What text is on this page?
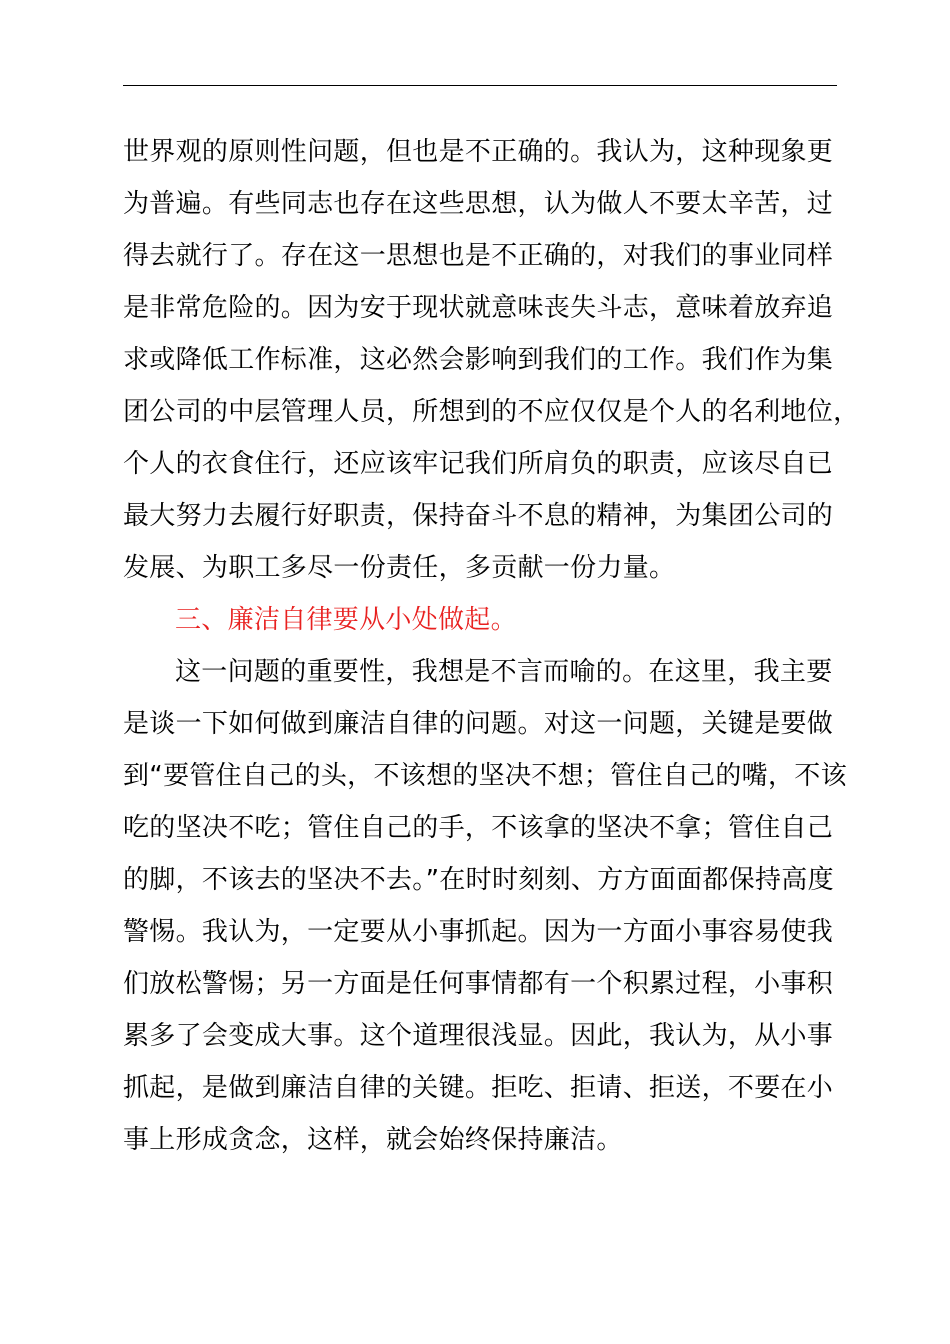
世界观的原则性问题，但也是不正确的。我认为，这种现象更
为普遍。有些同志也存在这些思想，认为做人不要太辛苦，过
得去就行了。存在这一思想也是不正确的，对我们的事业同样
是非常危险的。因为安于现状就意味丧失斗志，意味着放弃追
求或降低工作标准，这必然会影响到我们的工作。我们作为集
团公司的中层管理人员，所想到的不应仅仅是个人的名利地位，
个人的衣食住行，还应该牢记我们所肩负的职责，应该尽自已
最大努力去履行好职责，保持奋斗不息的精神，为集团公司的
发展、为职工多尽一份责任，多贡献一份力量。
三、廉洁自律要从小处做起。
这一问题的重要性，我想是不言而喻的。在这里，我主要
是谈一下如何做到廉洁自律的问题。对这一问题，关键是要做
到“要管住自己的头，不该想的坚决不想；管住自己的嘴，不该
吃的坚决不吃；管住自己的手，不该拿的坚决不拿；管住自己
的脚，不该去的坚决不去。”在时时刻刻、方方面面都保持高度
警惕。我认为，一定要从小事抓起。因为一方面小事容易使我
们放松警惕；另一方面是任何事情都有一个积累过程，小事积
累多了会变成大事。这个道理很浅显。因此，我认为，从小事
抓起，是做到廉洁自律的关键。拒吃、拒请、拒送，不要在小
事上形成贪念，这样，就会始终保持廉洁。
